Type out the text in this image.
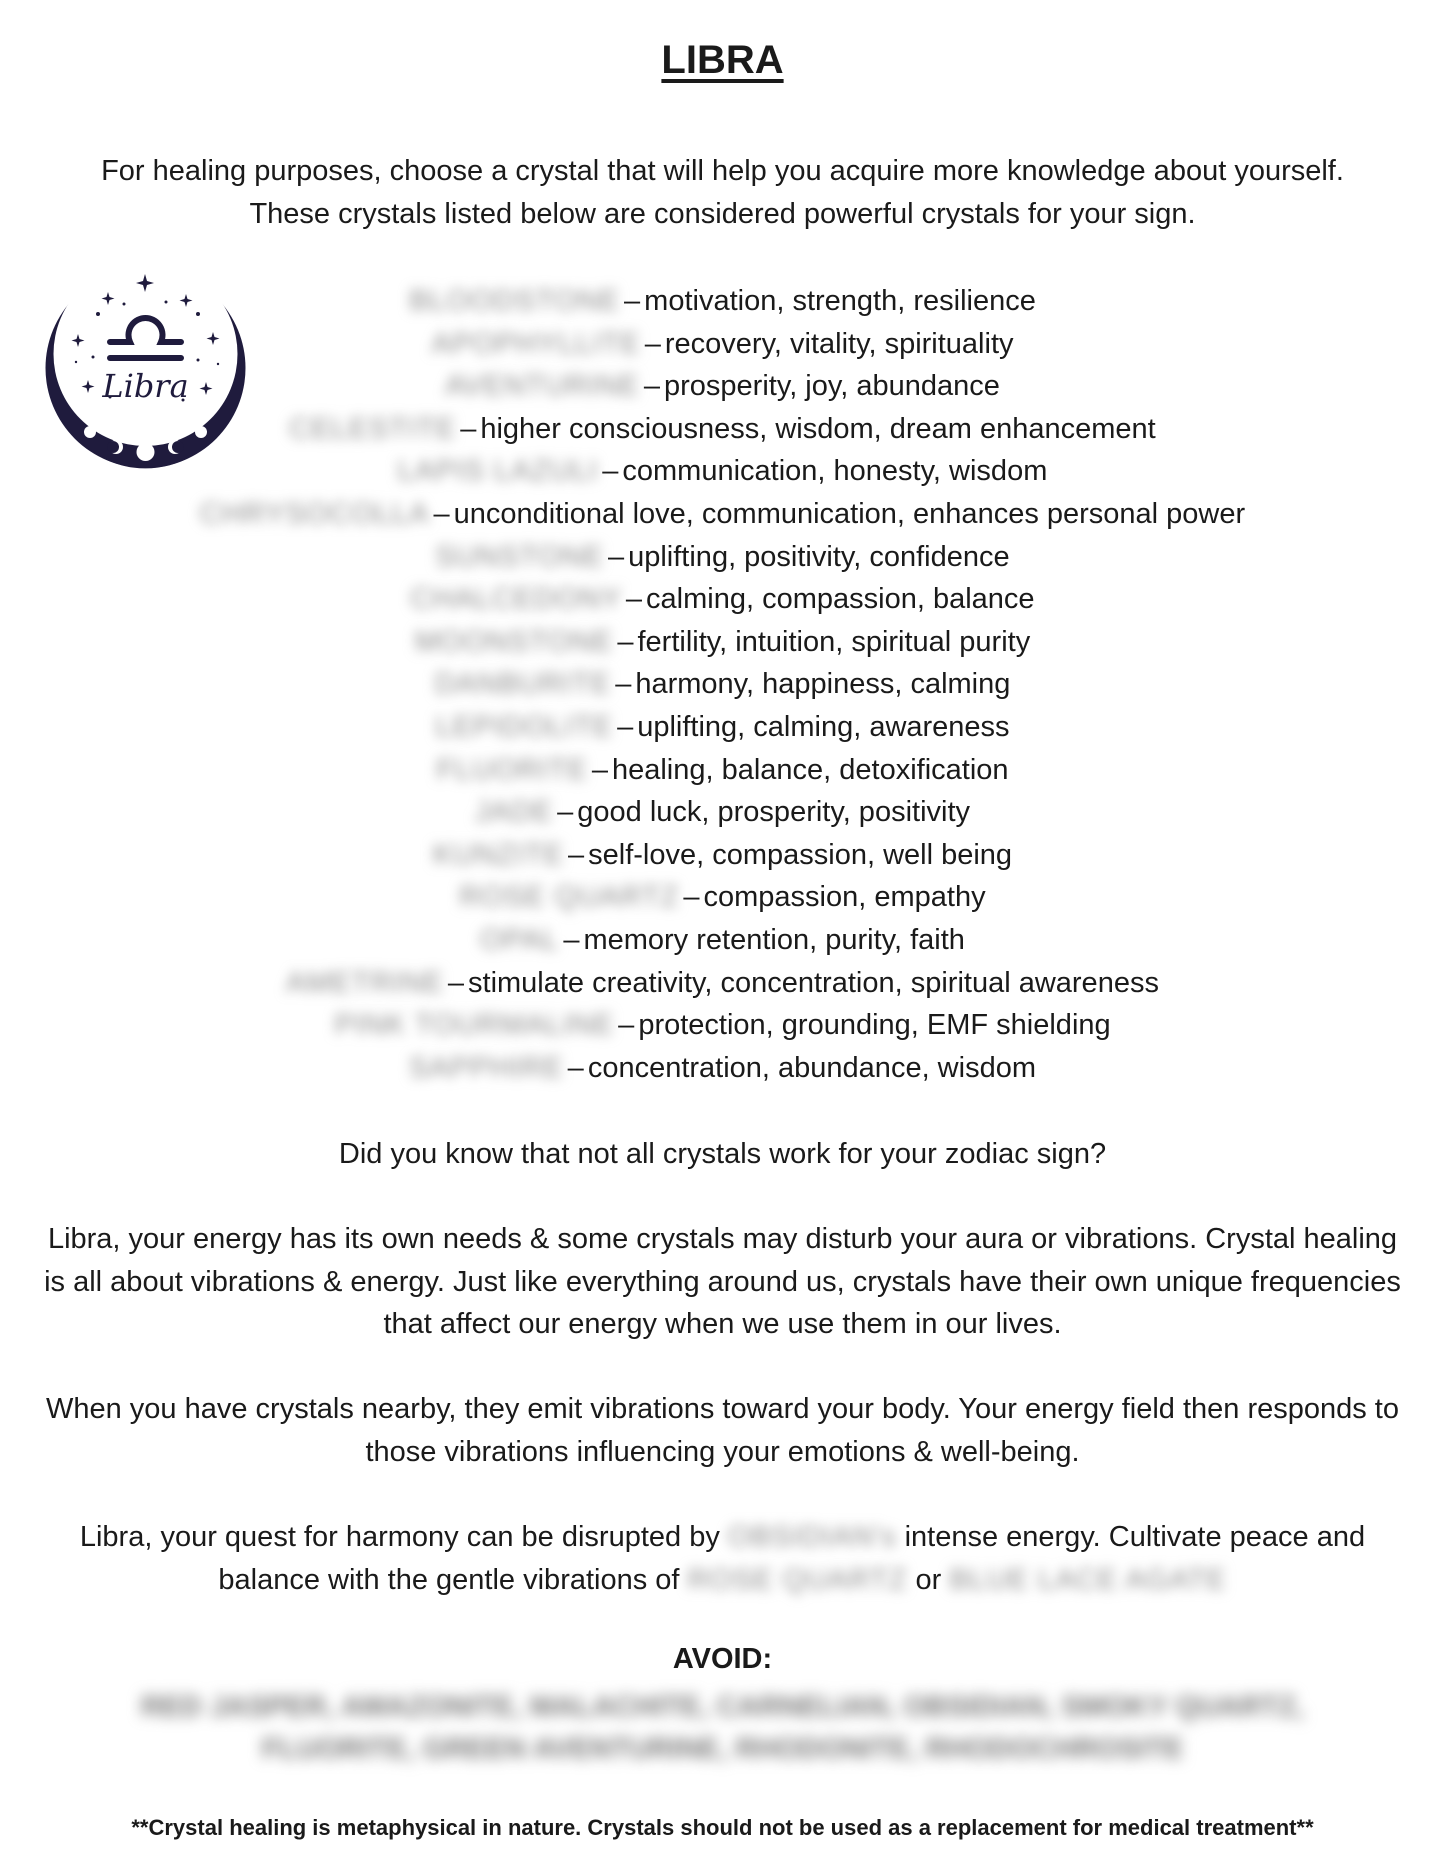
LIBRA
For healing purposes, choose a crystal that will help you acquire more knowledge about yourself.
These crystals listed below are considered powerful crystals for your sign.
Libra
BLOODSTONE – motivation, strength, resilience
APOPHYLLITE – recovery, vitality, spirituality
AVENTURINE – prosperity, joy, abundance
CELESTITE – higher consciousness, wisdom, dream enhancement
LAPIS LAZULI – communication, honesty, wisdom
CHRYSOCOLLA – unconditional love, communication, enhances personal power
SUNSTONE – uplifting, positivity, confidence
CHALCEDONY – calming, compassion, balance
MOONSTONE – fertility, intuition, spiritual purity
DANBURITE – harmony, happiness, calming
LEPIDOLITE – uplifting, calming, awareness
FLUORITE – healing, balance, detoxification
JADE – good luck, prosperity, positivity
KUNZITE – self-love, compassion, well being
ROSE QUARTZ – compassion, empathy
OPAL – memory retention, purity, faith
AMETRINE – stimulate creativity, concentration, spiritual awareness
PINK TOURMALINE – protection, grounding, EMF shielding
SAPPHIRE – concentration, abundance, wisdom

Did you know that not all crystals work for your zodiac sign?

Libra, your energy has its own needs & some crystals may disturb your aura or vibrations. Crystal healing is all about vibrations & energy. Just like everything around us, crystals have their own unique frequencies that affect our energy when we use them in our lives.

When you have crystals nearby, they emit vibrations toward your body. Your energy field then responds to those vibrations influencing your emotions & well-being.

Libra, your quest for harmony can be disrupted by OBSIDIAN's intense energy. Cultivate peace and balance with the gentle vibrations of ROSE QUARTZ or BLUE LACE AGATE

AVOID:
RED JASPER, AMAZONITE, MALACHITE, CARNELIAN, OBSIDIAN, SMOKY QUARTZ, FLUORITE, GREEN AVENTURINE, RHODONITE, RHODOCHROSITE
**Crystal healing is metaphysical in nature. Crystals should not be used as a replacement for medical treatment**
